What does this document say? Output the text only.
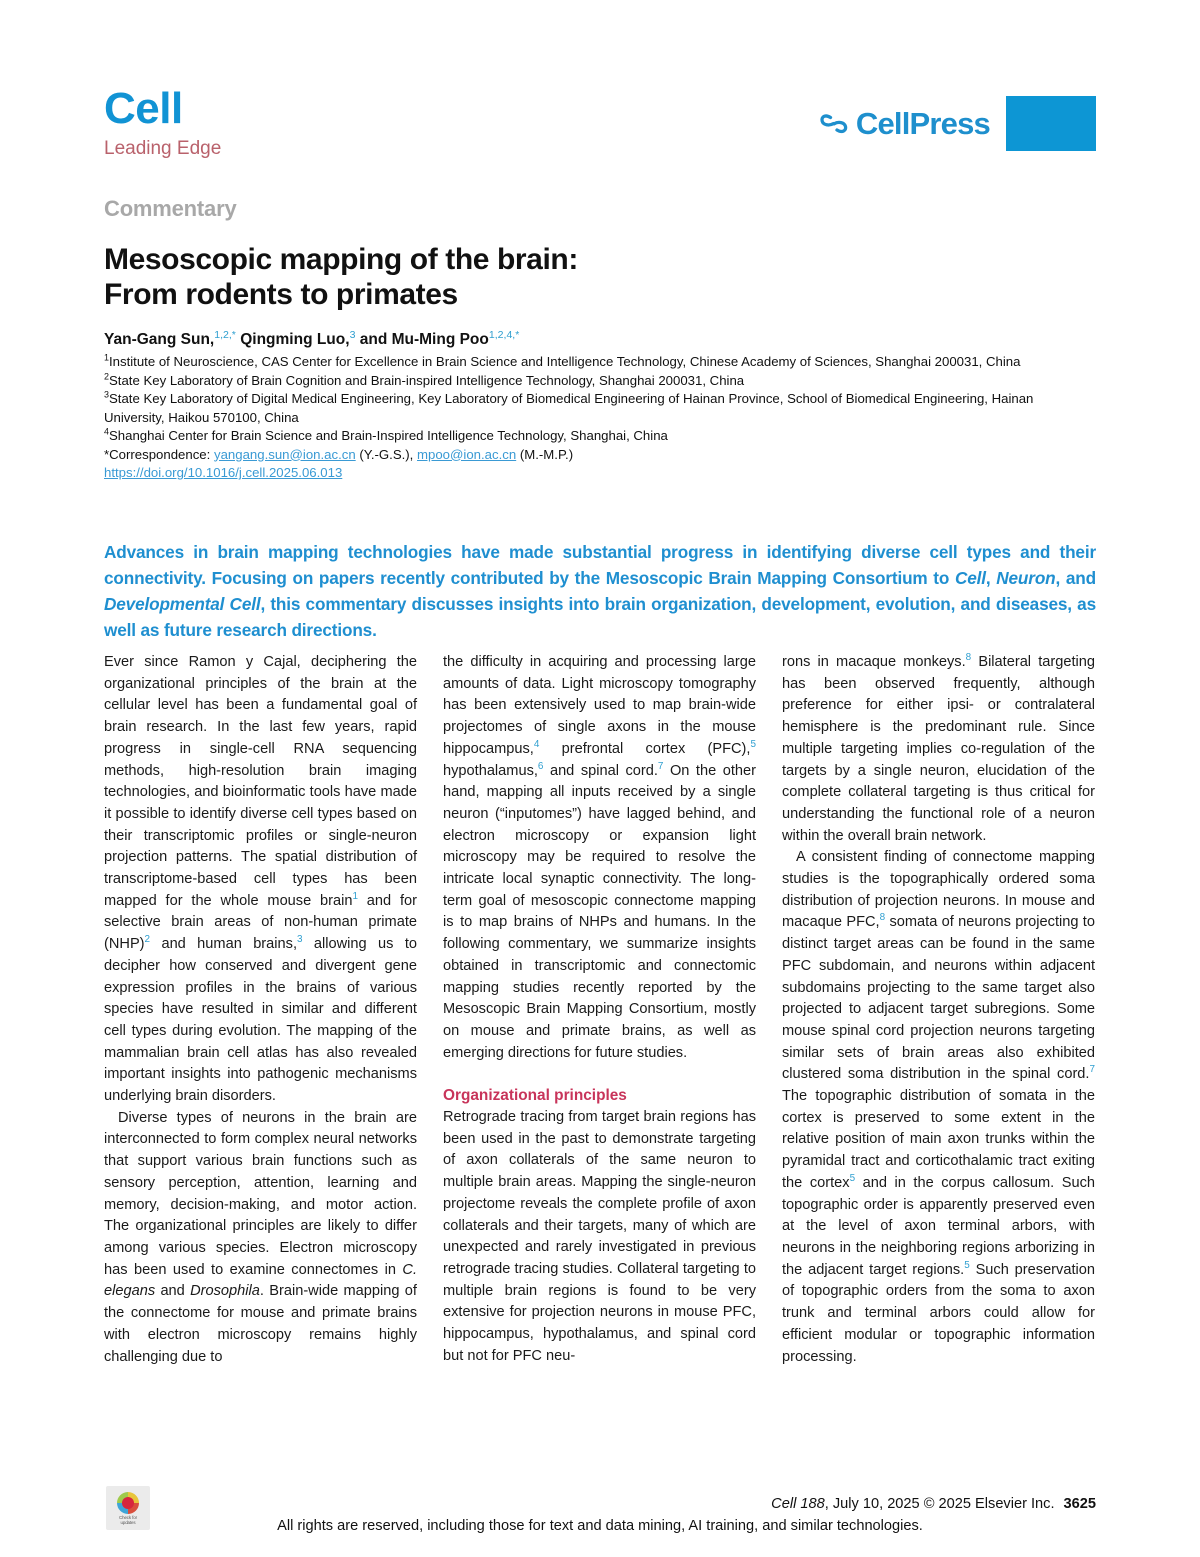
Cell
Leading Edge
CellPress
Commentary
Mesoscopic mapping of the brain:
From rodents to primates
Yan-Gang Sun,$^{1,2,*}$ Qingming Luo,$^3$ and Mu-Ming Poo$^{1,2,4,*}$
$^1$Institute of Neuroscience, CAS Center for Excellence in Brain Science and Intelligence Technology, Chinese Academy of Sciences, Shanghai 200031, China
$^2$State Key Laboratory of Brain Cognition and Brain-inspired Intelligence Technology, Shanghai 200031, China
$^3$State Key Laboratory of Digital Medical Engineering, Key Laboratory of Biomedical Engineering of Hainan Province, School of Biomedical Engineering, Hainan University, Haikou 570100, China
$^4$Shanghai Center for Brain Science and Brain-Inspired Intelligence Technology, Shanghai, China
*Correspondence: yangang.sun@ion.ac.cn (Y.-G.S.), mpoo@ion.ac.cn (M.-M.P.)
https://doi.org/10.1016/j.cell.2025.06.013
Advances in brain mapping technologies have made substantial progress in identifying diverse cell types and their connectivity. Focusing on papers recently contributed by the Mesoscopic Brain Mapping Consortium to Cell, Neuron, and Developmental Cell, this commentary discusses insights into brain organization, development, evolution, and diseases, as well as future research directions.

Ever since Ramon y Cajal, deciphering the organizational principles of the brain at the cellular level has been a fundamental goal of brain research. In the last few years, rapid progress in single-cell RNA sequencing methods, high-resolution brain imaging technologies, and bioinformatic tools have made it possible to identify diverse cell types based on their transcriptomic profiles or single-neuron projection patterns. The spatial distribution of transcriptome-based cell types has been mapped for the whole mouse brain$^1$ and for selective brain areas of non-human primate (NHP)$^2$ and human brains,$^3$ allowing us to decipher how conserved and divergent gene expression profiles in the brains of various species have resulted in similar and different cell types during evolution. The mapping of the mammalian brain cell atlas has also revealed important insights into pathogenic mechanisms underlying brain disorders.

Diverse types of neurons in the brain are interconnected to form complex neural networks that support various brain functions such as sensory perception, attention, learning and memory, decision-making, and motor action. The organizational principles are likely to differ among various species. Electron microscopy has been used to examine connectomes in C. elegans and Drosophila. Brain-wide mapping of the connectome for mouse and primate brains with electron microscopy remains highly challenging due to

the difficulty in acquiring and processing large amounts of data. Light microscopy tomography has been extensively used to map brain-wide projectomes of single axons in the mouse hippocampus,$^4$ prefrontal cortex (PFC),$^5$ hypothalamus,$^6$ and spinal cord.$^7$ On the other hand, mapping all inputs received by a single neuron (“inputomes”) have lagged behind, and electron microscopy or expansion light microscopy may be required to resolve the intricate local synaptic connectivity. The long-term goal of mesoscopic connectome mapping is to map brains of NHPs and humans. In the following commentary, we summarize insights obtained in transcriptomic and connectomic mapping studies recently reported by the Mesoscopic Brain Mapping Consortium, mostly on mouse and primate brains, as well as emerging directions for future studies.

Organizational principles

Retrograde tracing from target brain regions has been used in the past to demonstrate targeting of axon collaterals of the same neuron to multiple brain areas. Mapping the single-neuron projectome reveals the complete profile of axon collaterals and their targets, many of which are unexpected and rarely investigated in previous retrograde tracing studies. Collateral targeting to multiple brain regions is found to be very extensive for projection neurons in mouse PFC, hippocampus, hypothalamus, and spinal cord but not for PFC neu-

rons in macaque monkeys.$^8$ Bilateral targeting has been observed frequently, although preference for either ipsi- or contralateral hemisphere is the predominant rule. Since multiple targeting implies co-regulation of the targets by a single neuron, elucidation of the complete collateral targeting is thus critical for understanding the functional role of a neuron within the overall brain network.

A consistent finding of connectome mapping studies is the topographically ordered soma distribution of projection neurons. In mouse and macaque PFC,$^8$ somata of neurons projecting to distinct target areas can be found in the same PFC subdomain, and neurons within adjacent subdomains projecting to the same target also projected to adjacent target subregions. Some mouse spinal cord projection neurons targeting similar sets of brain areas also exhibited clustered soma distribution in the spinal cord.$^7$ The topographic distribution of somata in the cortex is preserved to some extent in the relative position of main axon trunks within the pyramidal tract and corticothalamic tract exiting the cortex$^5$ and in the corpus callosum. Such topographic order is apparently preserved even at the level of axon terminal arbors, with neurons in the neighboring regions arborizing in the adjacent target regions.$^5$ Such preservation of topographic orders from the soma to axon trunk and terminal arbors could allow for efficient modular or topographic information processing.

Check for
updates
Cell 188, July 10, 2025 © 2025 Elsevier Inc. 3625
All rights are reserved, including those for text and data mining, AI training, and similar technologies.
